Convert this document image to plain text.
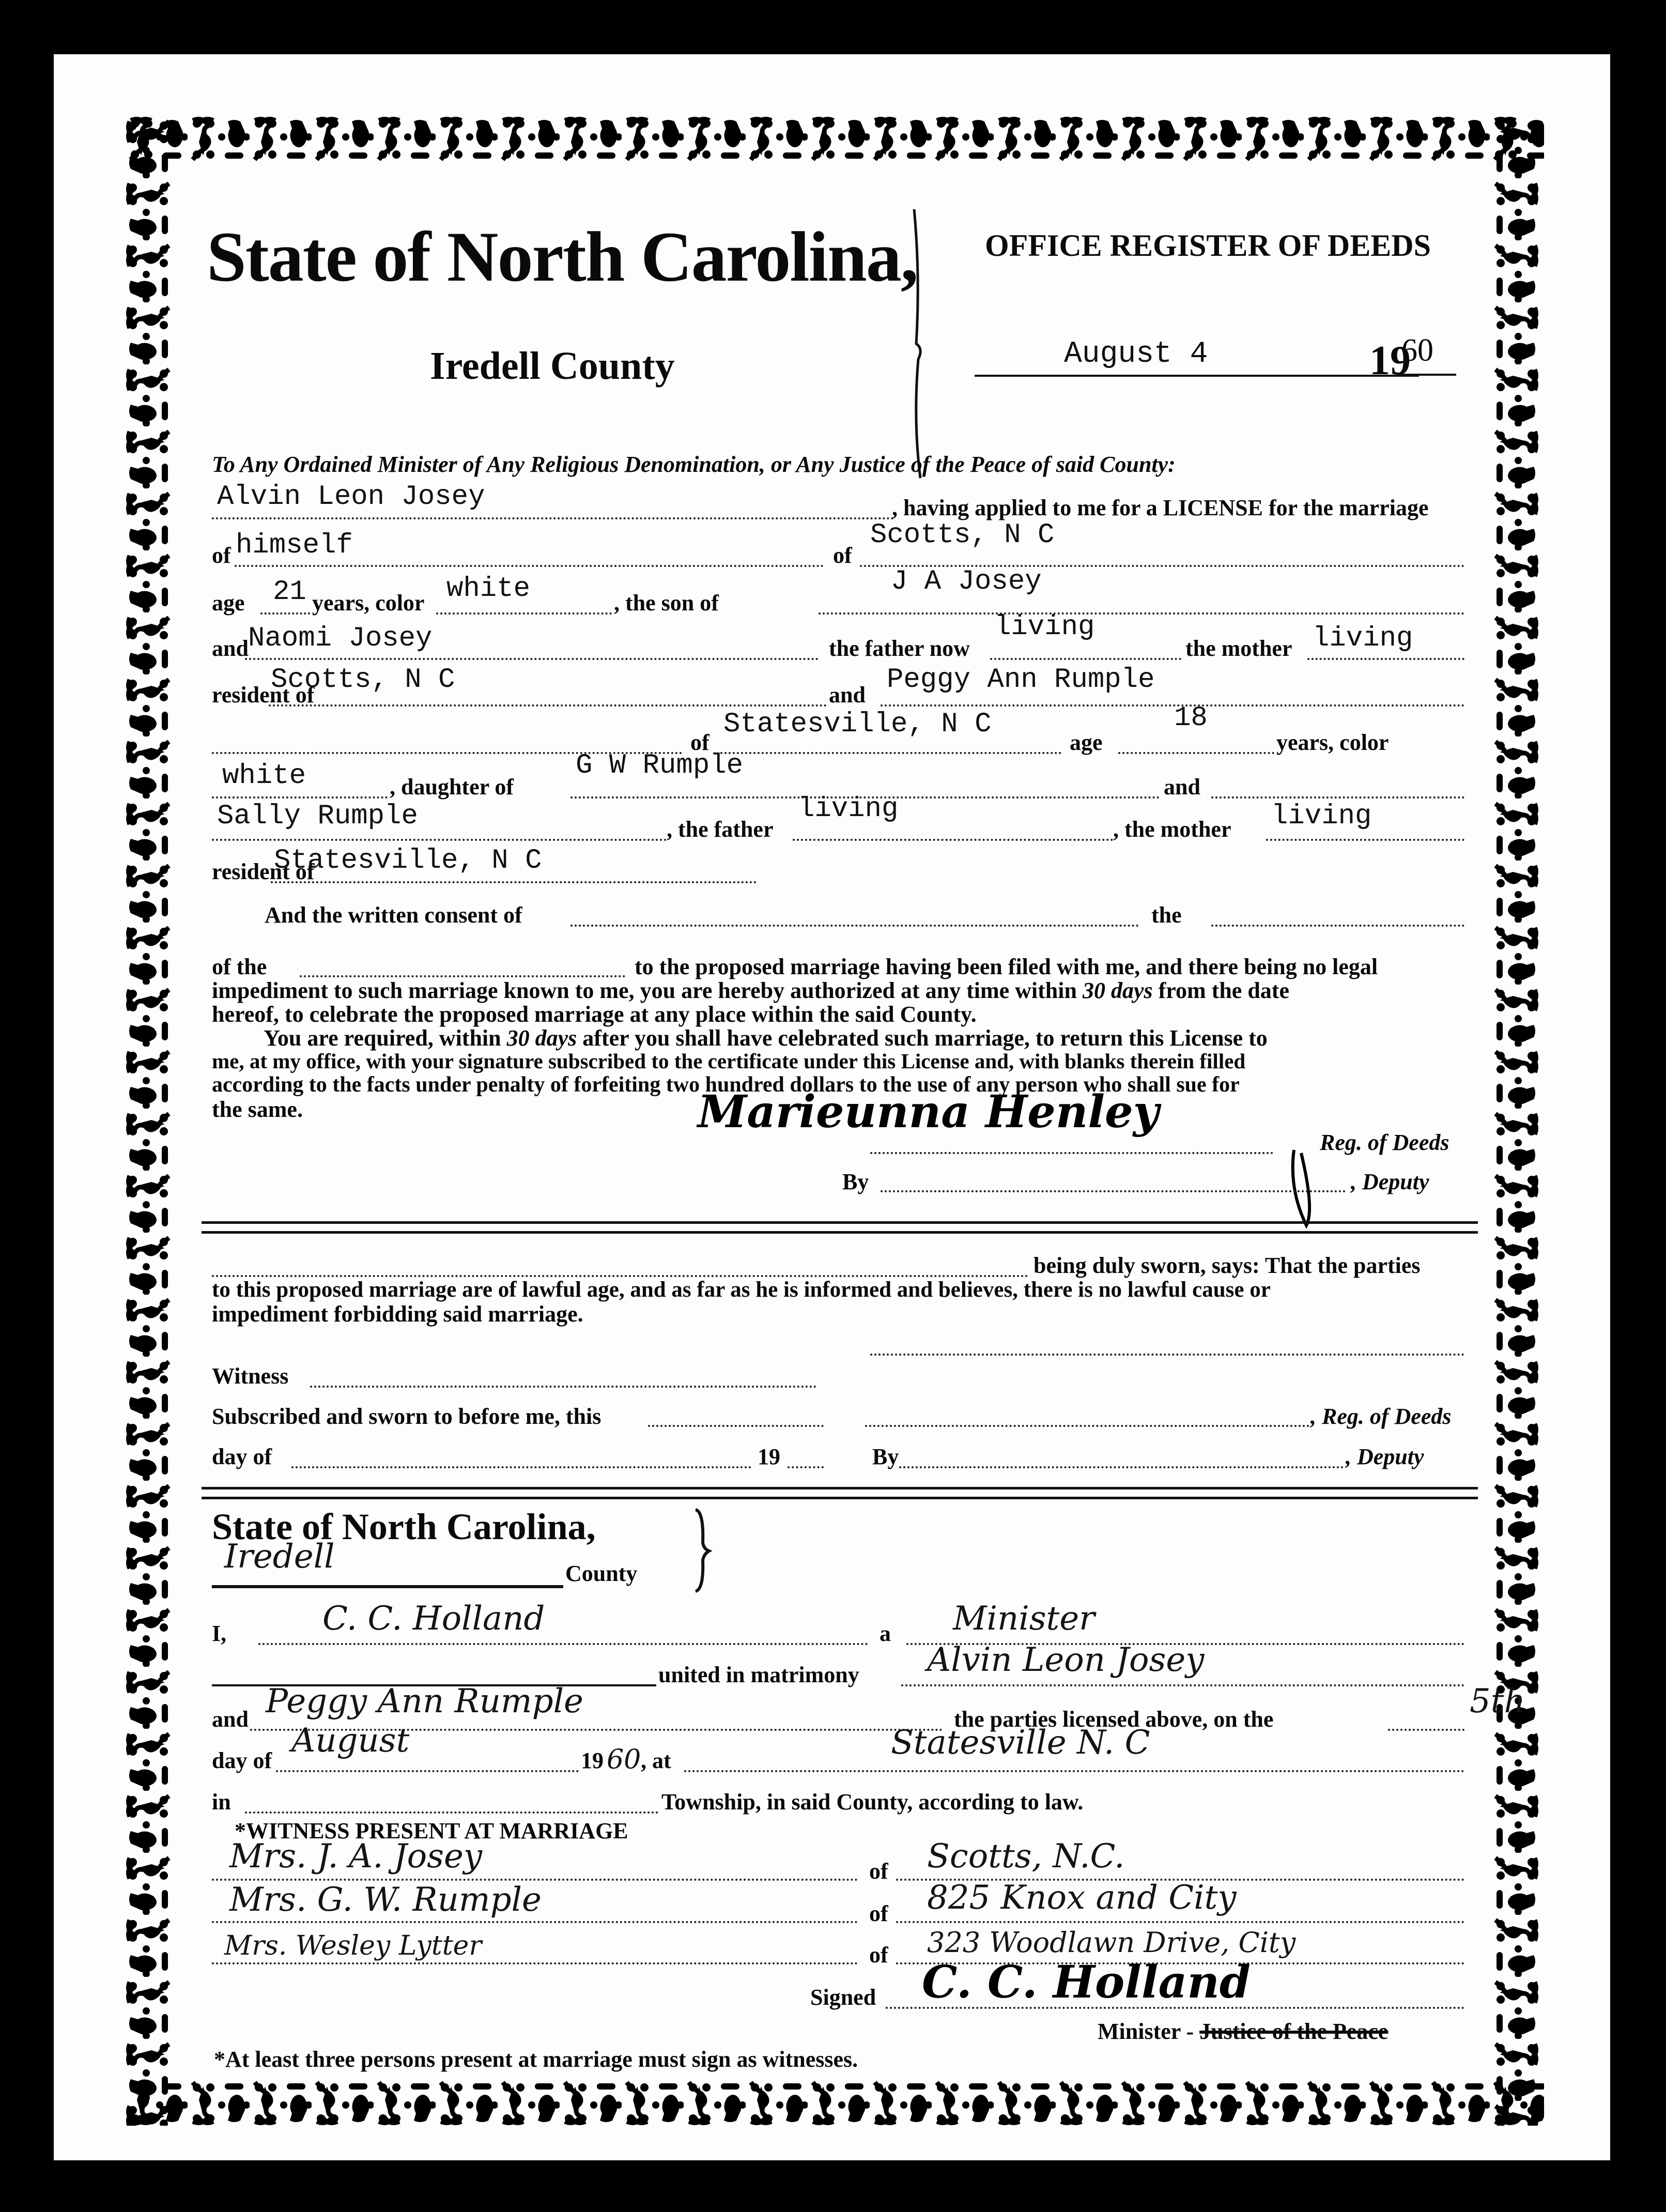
State of North Carolina,
Iredell County
OFFICE REGISTER OF DEEDS
August 4	19
60
To Any Ordained Minister of Any Religious Denomination, or Any Justice of the Peace of said County:
Alvin Leon Josey	, having applied to me for a LICENSE for the marriage
of himself	of
Scotts, N C
age 21 years, color white	, the son of
J A Josey
and Naomi Josey	the father now
living
the mother living
resident of
Scotts, N C	and Peggy Ann Rumple
of
Statesville, N C
age
18
years, color
white	, daughter of
G W Rumple
and
Sally Rumple	, the father
living
, the mother living
resident of
Statesville, N C
And the written consent of	the
of the	to the proposed marriage having been filed with me, and there being no legal
impediment to such marriage known to me, you are hereby authorized at any time within 30 days from the date
hereof, to celebrate the proposed marriage at any place within the said County.
You are required, within 30 days after you shall have celebrated such marriage, to return this License to
me, at my office, with your signature subscribed to the certificate under this License and, with blanks therein filled
according to the facts under penalty of forfeiting two hundred dollars to the use of any person who shall sue for
the same.	Marieunna Henley
Reg. of Deeds
By	, Deputy
being duly sworn, says: That the parties
to this proposed marriage are of lawful age, and as far as he is informed and believes, there is no lawful cause or
impediment forbidding said marriage.
Witness
Subscribed and sworn to before me, this	, Reg. of Deeds
day of	19	By	, Deputy
State of North Carolina,
Iredell	County
I,	C. C. Holland	a Minister
united in matrimony Alvin Leon Josey
and Peggy Ann Rumple	the parties licensed above, on the	5th
day of
August
19 60 , at	Statesville N. C
in	Township, in said County, according to law.
*WITNESS PRESENT AT MARRIAGE
Mrs. J. A. Josey	of Scotts, N.C.
Mrs. G. W. Rumple	of 825 Knox and City
Mrs. Wesley Lytter	of 323 Woodlawn Drive, City
Signed C. C. Holland
Minister - Justice of the Peace
*At least three persons present at marriage must sign as witnesses.
